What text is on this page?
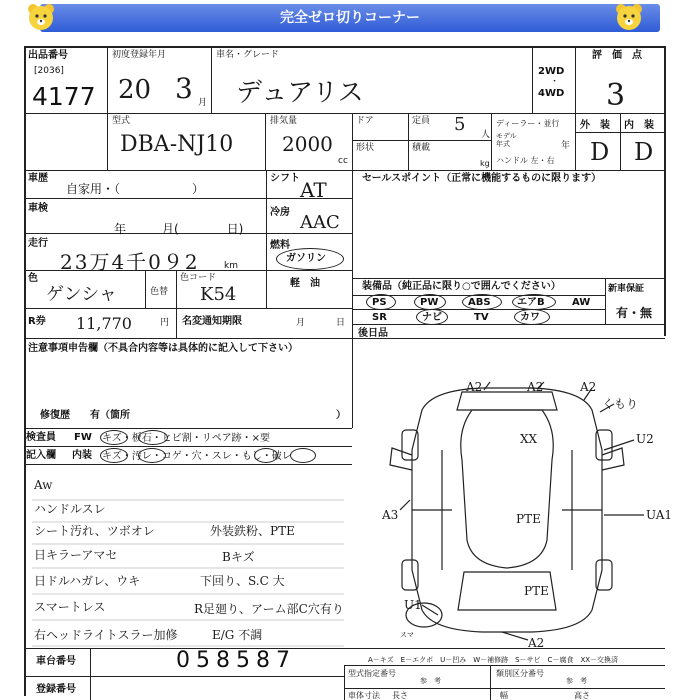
完全ゼロ切りコーナー
出品番号
[2036]
4177
初度登録年月
20 3 月
車名・グレード
デュアリス
2WD
・
4WD
評　価　点
3
型式
DBA-NJ10
排気量
2000
cc
ドア	定員 5 人
ディーラー・並行
モデル
年式	年
ハンドル 左・右
形状	積載
kg
外　装 内　装
D D
車歴
自家用・（　　　　　　）
車検
年　　　月(　　　　日)
走行
23万4千0９2	km
色
ゲンシャ	色替
色コード
K54
R券 11,770	円
シフト AT
冷房 AAC
燃料
ガソリン
軽　油
セールスポイント（正常に機能するものに限ります）
装備品（純正品に限り○で囲んでください）	新車保証
有・無
PS	PW	ABS	エアB	AW
SR	ナビ	TV	カワ
名変通知期限	月	日
後日品
注意事項申告欄（不具合内容等は具体的に記入して下さい）
修復歴　　有（箇所	）
検査員
記入欄
FW キズ・板石・ヒビ割・リペア跡・×要
内装 キズ・汚レ・コゲ・穴・スレ・もし・破レ
Aw
ハンドルスレ
シート汚れ、ツボオレ	外装鉄粉、PTE
Bキズ
日キラーアマセ
日ドルハガレ、ウキ	下回り、S.C 大
スマートレス	R足廻り、アーム部C穴有り
右ヘッドライトスラー加修	E/G 不調
A2	A2	A2
くもり
U2
XX
A3	UA1
PTE
PTE
U1
スマ
A2
A－キズ　E－エクボ　U－凹み　W－補修跡　S－サビ　C－腐食　XX－交換済
車台番号	058587
登録番号
型式指定番号
参　考
類別区分番号
参　考
車体寸法 長さ	幅	高さ
